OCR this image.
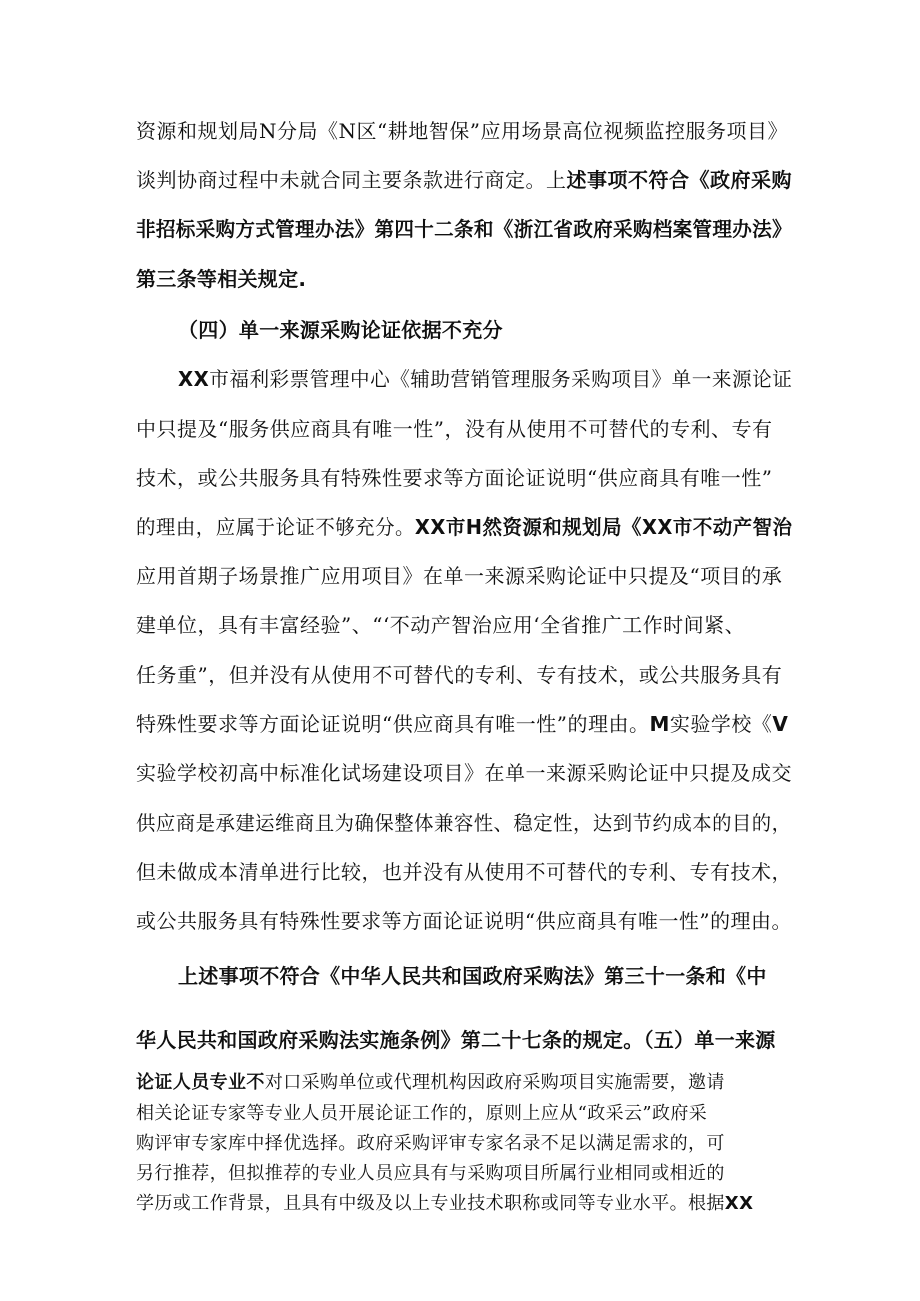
资源和规划局N分局《N区“耕地智保”应用场景高位视频监控服务项目》
谈判协商过程中未就合同主要条款进行商定。上述事项不符合《政府采购
非招标采购方式管理办法》第四十二条和《浙江省政府采购档案管理办法》
第三条等相关规定.
（四）单一来源采购论证依据不充分
XX市福利彩票管理中心《辅助营销管理服务采购项目》单一来源论证
中只提及“服务供应商具有唯一性”，没有从使用不可替代的专利、专有
技术，或公共服务具有特殊性要求等方面论证说明“供应商具有唯一性”
的理由，应属于论证不够充分。XX市H然资源和规划局《XX市不动产智治
应用首期子场景推广应用项目》在单一来源采购论证中只提及“项目的承
建单位，具有丰富经验”、“‘不动产智治应用‘全省推广工作时间紧、
任务重”，但并没有从使用不可替代的专利、专有技术，或公共服务具有
特殊性要求等方面论证说明“供应商具有唯一性”的理由。M实验学校《V
实验学校初高中标准化试场建设项目》在单一来源采购论证中只提及成交
供应商是承建运维商且为确保整体兼容性、稳定性，达到节约成本的目的，
但未做成本清单进行比较，也并没有从使用不可替代的专利、专有技术，
或公共服务具有特殊性要求等方面论证说明“供应商具有唯一性”的理由。
上述事项不符合《中华人民共和国政府采购法》第三十一条和《中
华人民共和国政府采购法实施条例》第二十七条的规定。（五）单一来源
论证人员专业不对口采购单位或代理机构因政府采购项目实施需要，邀请
相关论证专家等专业人员开展论证工作的，原则上应从“政采云”政府采
购评审专家库中择优选择。政府采购评审专家名录不足以满足需求的，可
另行推荐，但拟推荐的专业人员应具有与采购项目所属行业相同或相近的
学历或工作背景，且具有中级及以上专业技术职称或同等专业水平。根据XX
